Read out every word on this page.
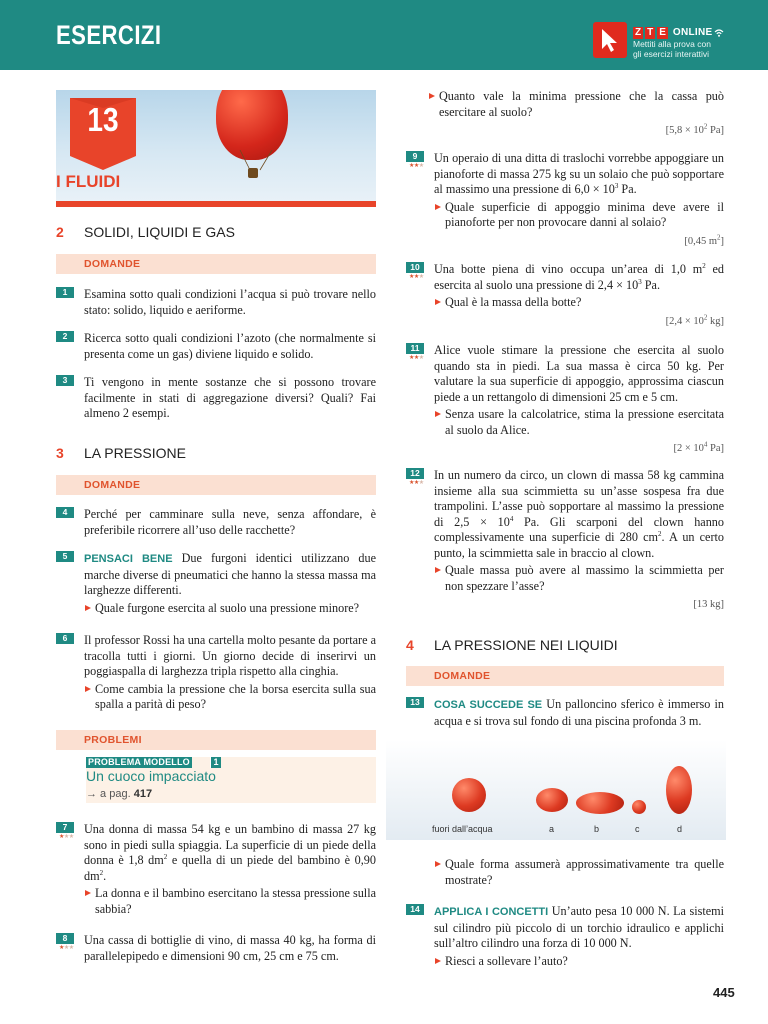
ESERCIZI	Z T E ONLINE
Mettiti alla prova con
gli esercizi interattivi
13
I FLUIDI
2 SOLIDI, LIQUIDI E GAS
DOMANDE
1	Esamina sotto quali condizioni l’acqua si può trovare nello stato: solido, liquido e aeriforme.
2	Ricerca sotto quali condizioni l’azoto (che normalmente si presenta come un gas) diviene liquido e solido.
3	Ti vengono in mente sostanze che si possono trovare facilmente in stati di aggregazione diversi? Quali? Fai almeno 2 esempi.
3 LA PRESSIONE
DOMANDE
4	Perché per camminare sulla neve, senza affondare, è preferibile ricorrere all’uso delle racchette?
5	PENSACI BENE Due furgoni identici utilizzano due marche diverse di pneumatici che hanno la stessa massa ma larghezze differenti.
Quale furgone esercita al suolo una pressione minore?
6	Il professor Rossi ha una cartella molto pesante da portare a tracolla tutti i giorni. Un giorno decide di inserirvi un poggiaspalla di larghezza tripla rispetto alla cinghia.
Come cambia la pressione che la borsa esercita sulla sua spalla a parità di peso?
PROBLEMI
PROBLEMA MODELLO	1
Un cuoco impacciato
→ a pag. 417
7
★★★
Una donna di massa 54 kg e un bambino di massa 27 kg sono in piedi sulla spiaggia. La superficie di un piede della donna è 1,8 $dm^2$ e quella di un piede del bambino è 0,90 $dm^2$.
La donna e il bambino esercitano la stessa pressione sulla sabbia?
8
★★★
Una cassa di bottiglie di vino, di massa 40 kg, ha forma di parallelepipedo e dimensioni 90 cm, 25 cm e 75 cm.
Quanto vale la minima pressione che la cassa può esercitare al suolo?
[$5,8 \times 10^2$ Pa]
9
★★★
Un operaio di una ditta di traslochi vorrebbe appoggiare un pianoforte di massa 275 kg su un solaio che può sopportare al massimo una pressione di $6,0 \times 10^3$ Pa.
Quale superficie di appoggio minima deve avere il pianoforte per non provocare danni al solaio?
[0,45 $m^2$]
10
★★★
Una botte piena di vino occupa un’area di 1,0 $m^2$ ed esercita al suolo una pressione di $2,4 \times 10^3$ Pa.
Qual è la massa della botte?
[$2,4 \times 10^2$ kg]
11
★★★
Alice vuole stimare la pressione che esercita al suolo quando sta in piedi. La sua massa è circa 50 kg. Per valutare la sua superficie di appoggio, approssima ciascun piede a un rettangolo di dimensioni 25 cm e 5 cm.
Senza usare la calcolatrice, stima la pressione esercitata al suolo da Alice.
[$2 \times 10^4$ Pa]
12
★★★
In un numero da circo, un clown di massa 58 kg cammina insieme alla sua scimmietta su un’asse sospesa fra due trampolini. L’asse può sopportare al massimo la pressione di $2,5 \times 10^4$ Pa. Gli scarponi del clown hanno complessivamente una superficie di 280 $cm^2$. A un certo punto, la scimmietta sale in braccio al clown.
Quale massa può avere al massimo la scimmietta per non spezzare l’asse?
[13 kg]
4 LA PRESSIONE NEI LIQUIDI
DOMANDE
13	COSA SUCCEDE SE Un palloncino sferico è immerso in acqua e si trova sul fondo di una piscina profonda 3 m.
fuori dall’acqua	a	b	c	d
Quale forma assumerà approssimativamente tra quelle mostrate?
14	APPLICA I CONCETTI Un’auto pesa 10 000 N. La sistemi sul cilindro più piccolo di un torchio idraulico e applichi sull’altro cilindro una forza di 10 000 N.
Riesci a sollevare l’auto?
445
